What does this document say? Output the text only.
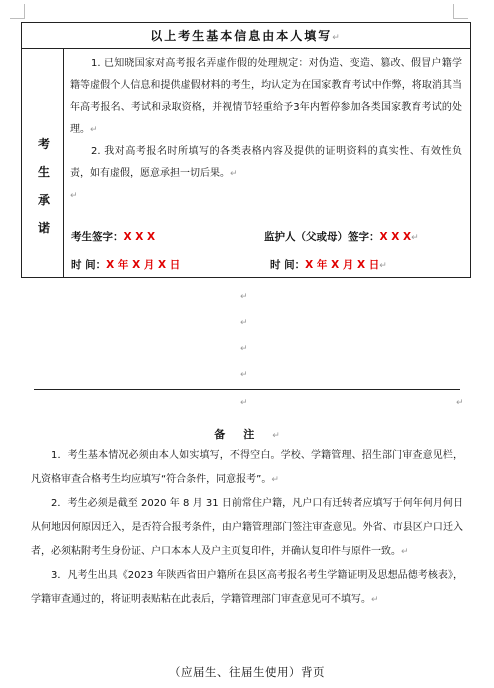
以上考生基本信息由本人填写↵
考
生
承
诺

1. 已知晓国家对高考报名弄虚作假的处理规定：对伪造、变造、篡改、假冒户籍学籍等虚假个人信息和提供虚假材料的考生，均认定为在国家教育考试中作弊，将取消其当年高考报名、考试和录取资格，并视情节轻重给予3年内暂停参加各类国家教育考试的处理。↵

2. 我对高考报名时所填写的各类表格内容及提供的证明资料的真实性、有效性负责，如有虚假，愿意承担一切后果。↵

↵

考生签字：X X X	监护人（父或母）签字：X X X↵
时 间：X 年 X 月 X 日	时 间：X 年 X 月 X 日↵
↵
↵
↵
↵
↵	↵
备注↵

1．考生基本情况必须由本人如实填写，不得空白。学校、学籍管理、招生部门审查意见栏，凡资格审查合格考生均应填写“符合条件，同意报考”。↵

2．考生必须是截至 2020 年 8 月 31 日前常住户籍，凡户口有迁转者应填写于何年何月何日从何地因何原因迁入，是否符合报考条件，由户籍管理部门签注审查意见。外省、市县区户口迁入者，必须粘附考生身份证、户口本本人及户主页复印件，并确认复印件与原件一致。↵

3．凡考生出具《2023 年陕西省田户籍所在县区高考报名考生学籍证明及思想品德考核表》，学籍审查通过的，将证明表贴粘在此表后，学籍管理部门审查意见可不填写。↵

（应届生、往届生使用）背页
